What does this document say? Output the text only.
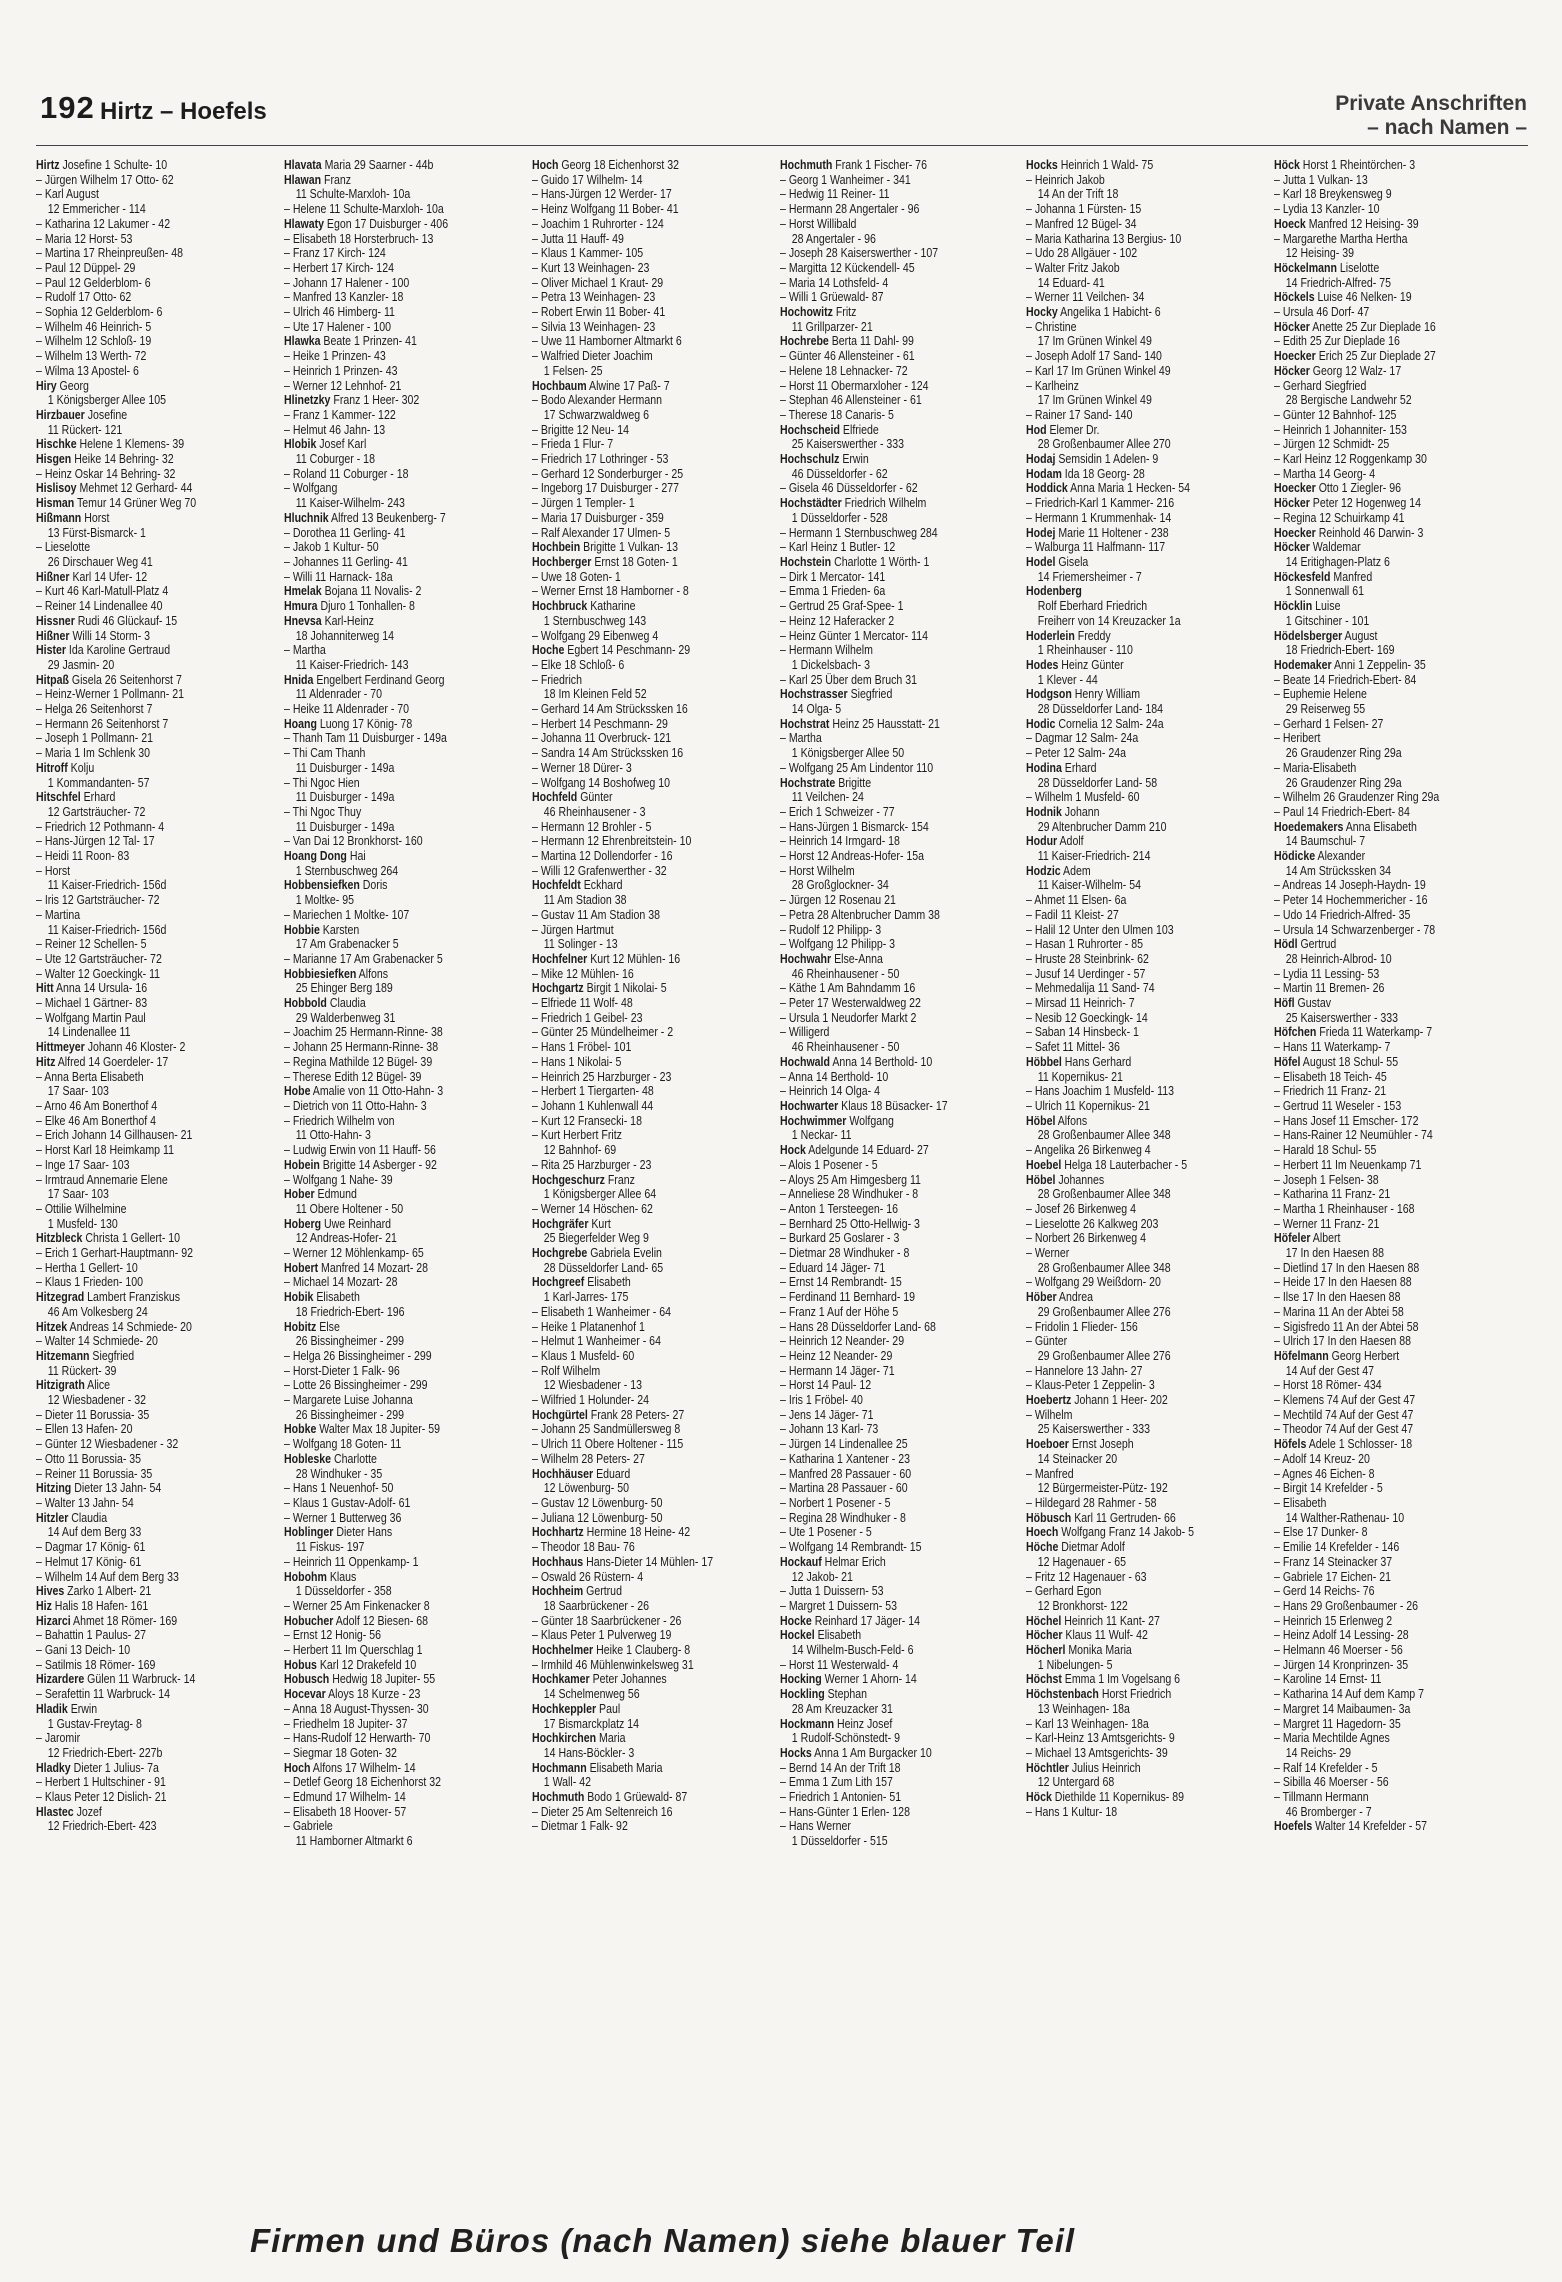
192 Hirtz – Hoefels	Private Anschriften
– nach Namen –
Hirtz Josefine 1 Schulte- 10
– Jürgen Wilhelm 17 Otto- 62
– Karl August
12 Emmericher - 114
– Katharina 12 Lakumer - 42
– Maria 12 Horst- 53
– Martina 17 Rheinpreußen- 48
– Paul 12 Düppel- 29
– Paul 12 Gelderblom- 6
– Rudolf 17 Otto- 62
– Sophia 12 Gelderblom- 6
– Wilhelm 46 Heinrich- 5
– Wilhelm 12 Schloß- 19
– Wilhelm 13 Werth- 72
– Wilma 13 Apostel- 6
Hiry Georg
1 Königsberger Allee 105
Hirzbauer Josefine
11 Rückert- 121
Hischke Helene 1 Klemens- 39
Hisgen Heike 14 Behring- 32
– Heinz Oskar 14 Behring- 32
Hislisoy Mehmet 12 Gerhard- 44
Hisman Temur 14 Grüner Weg 70
Hißmann Horst
13 Fürst-Bismarck- 1
– Lieselotte
26 Dirschauer Weg 41
Hißner Karl 14 Ufer- 12
– Kurt 46 Karl-Matull-Platz 4
– Reiner 14 Lindenallee 40
Hissner Rudi 46 Glückauf- 15
Hißner Willi 14 Storm- 3
Hister Ida Karoline Gertraud
29 Jasmin- 20
Hitpaß Gisela 26 Seitenhorst 7
– Heinz-Werner 1 Pollmann- 21
– Helga 26 Seitenhorst 7
– Hermann 26 Seitenhorst 7
– Joseph 1 Pollmann- 21
– Maria 1 Im Schlenk 30
Hitroff Kolju
1 Kommandanten- 57
Hitschfel Erhard
12 Gartsträucher- 72
– Friedrich 12 Pothmann- 4
– Hans-Jürgen 12 Tal- 17
– Heidi 11 Roon- 83
– Horst
11 Kaiser-Friedrich- 156d
– Iris 12 Gartsträucher- 72
– Martina
11 Kaiser-Friedrich- 156d
– Reiner 12 Schellen- 5
– Ute 12 Gartsträucher- 72
– Walter 12 Goeckingk- 11
Hitt Anna 14 Ursula- 16
– Michael 1 Gärtner- 83
– Wolfgang Martin Paul
14 Lindenallee 11
Hittmeyer Johann 46 Kloster- 2
Hitz Alfred 14 Goerdeler- 17
– Anna Berta Elisabeth
17 Saar- 103
– Arno 46 Am Bonerthof 4
– Elke 46 Am Bonerthof 4
– Erich Johann 14 Gillhausen- 21
– Horst Karl 18 Heimkamp 11
– Inge 17 Saar- 103
– Irmtraud Annemarie Elene
17 Saar- 103
– Ottilie Wilhelmine
1 Musfeld- 130
Hitzbleck Christa 1 Gellert- 10
– Erich 1 Gerhart-Hauptmann- 92
– Hertha 1 Gellert- 10
– Klaus 1 Frieden- 100
Hitzegrad Lambert Franziskus
46 Am Volkesberg 24
Hitzek Andreas 14 Schmiede- 20
– Walter 14 Schmiede- 20
Hitzemann Siegfried
11 Rückert- 39
Hitzigrath Alice
12 Wiesbadener - 32
– Dieter 11 Borussia- 35
– Ellen 13 Hafen- 20
– Günter 12 Wiesbadener - 32
– Otto 11 Borussia- 35
– Reiner 11 Borussia- 35
Hitzing Dieter 13 Jahn- 54
– Walter 13 Jahn- 54
Hitzler Claudia
14 Auf dem Berg 33
– Dagmar 17 König- 61
– Helmut 17 König- 61
– Wilhelm 14 Auf dem Berg 33
Hives Zarko 1 Albert- 21
Hiz Halis 18 Hafen- 161
Hizarci Ahmet 18 Römer- 169
– Bahattin 1 Paulus- 27
– Gani 13 Deich- 10
– Satilmis 18 Römer- 169
Hizardere Gülen 11 Warbruck- 14
– Serafettin 11 Warbruck- 14
Hladik Erwin
1 Gustav-Freytag- 8
– Jaromir
12 Friedrich-Ebert- 227b
Hladky Dieter 1 Julius- 7a
– Herbert 1 Hultschiner - 91
– Klaus Peter 12 Dislich- 21
Hlastec Jozef
12 Friedrich-Ebert- 423
Hlavata Maria 29 Saarner - 44b
Hlawan Franz
11 Schulte-Marxloh- 10a
– Helene 11 Schulte-Marxloh- 10a
Hlawaty Egon 17 Duisburger - 406
– Elisabeth 18 Horsterbruch- 13
– Franz 17 Kirch- 124
– Herbert 17 Kirch- 124
– Johann 17 Halener - 100
– Manfred 13 Kanzler- 18
– Ulrich 46 Himberg- 11
– Ute 17 Halener - 100
Hlawka Beate 1 Prinzen- 41
– Heike 1 Prinzen- 43
– Heinrich 1 Prinzen- 43
– Werner 12 Lehnhof- 21
Hlinetzky Franz 1 Heer- 302
– Franz 1 Kammer- 122
– Helmut 46 Jahn- 13
Hlobik Josef Karl
11 Coburger - 18
– Roland 11 Coburger - 18
– Wolfgang
11 Kaiser-Wilhelm- 243
Hluchnik Alfred 13 Beukenberg- 7
– Dorothea 11 Gerling- 41
– Jakob 1 Kultur- 50
– Johannes 11 Gerling- 41
– Willi 11 Harnack- 18a
Hmelak Bojana 11 Novalis- 2
Hmura Djuro 1 Tonhallen- 8
Hnevsa Karl-Heinz
18 Johanniterweg 14
– Martha
11 Kaiser-Friedrich- 143
Hnida Engelbert Ferdinand Georg
11 Aldenrader - 70
– Heike 11 Aldenrader - 70
Hoang Luong 17 König- 78
– Thanh Tam 11 Duisburger - 149a
– Thi Cam Thanh
11 Duisburger - 149a
– Thi Ngoc Hien
11 Duisburger - 149a
– Thi Ngoc Thuy
11 Duisburger - 149a
– Van Dai 12 Bronkhorst- 160
Hoang Dong Hai
1 Sternbuschweg 264
Hobbensiefken Doris
1 Moltke- 95
– Mariechen 1 Moltke- 107
Hobbie Karsten
17 Am Grabenacker 5
– Marianne 17 Am Grabenacker 5
Hobbiesiefken Alfons
25 Ehinger Berg 189
Hobbold Claudia
29 Walderbenweg 31
– Joachim 25 Hermann-Rinne- 38
– Johann 25 Hermann-Rinne- 38
– Regina Mathilde 12 Bügel- 39
– Therese Edith 12 Bügel- 39
Hobe Amalie von 11 Otto-Hahn- 3
– Dietrich von 11 Otto-Hahn- 3
– Friedrich Wilhelm von
11 Otto-Hahn- 3
– Ludwig Erwin von 11 Hauff- 56
Hobein Brigitte 14 Asberger - 92
– Wolfgang 1 Nahe- 39
Hober Edmund
11 Obere Holtener - 50
Hoberg Uwe Reinhard
12 Andreas-Hofer- 21
– Werner 12 Möhlenkamp- 65
Hobert Manfred 14 Mozart- 28
– Michael 14 Mozart- 28
Hobik Elisabeth
18 Friedrich-Ebert- 196
Hobitz Else
26 Bissingheimer - 299
– Helga 26 Bissingheimer - 299
– Horst-Dieter 1 Falk- 96
– Lotte 26 Bissingheimer - 299
– Margarete Luise Johanna
26 Bissingheimer - 299
Hobke Walter Max 18 Jupiter- 59
– Wolfgang 18 Goten- 11
Hobleske Charlotte
28 Windhuker - 35
– Hans 1 Neuenhof- 50
– Klaus 1 Gustav-Adolf- 61
– Werner 1 Butterweg 36
Hoblinger Dieter Hans
11 Fiskus- 197
– Heinrich 11 Oppenkamp- 1
Hobohm Klaus
1 Düsseldorfer - 358
– Werner 25 Am Finkenacker 8
Hobucher Adolf 12 Biesen- 68
– Ernst 12 Honig- 56
– Herbert 11 Im Querschlag 1
Hobus Karl 12 Drakefeld 10
Hobusch Hedwig 18 Jupiter- 55
Hocevar Aloys 18 Kurze - 23
– Anna 18 August-Thyssen- 30
– Friedhelm 18 Jupiter- 37
– Hans-Rudolf 12 Herwarth- 70
– Siegmar 18 Goten- 32
Hoch Alfons 17 Wilhelm- 14
– Detlef Georg 18 Eichenhorst 32
– Edmund 17 Wilhelm- 14
– Elisabeth 18 Hoover- 57
– Gabriele
11 Hamborner Altmarkt 6
Hoch Georg 18 Eichenhorst 32
– Guido 17 Wilhelm- 14
– Hans-Jürgen 12 Werder- 17
– Heinz Wolfgang 11 Bober- 41
– Joachim 1 Ruhrorter - 124
– Jutta 11 Hauff- 49
– Klaus 1 Kammer- 105
– Kurt 13 Weinhagen- 23
– Oliver Michael 1 Kraut- 29
– Petra 13 Weinhagen- 23
– Robert Erwin 11 Bober- 41
– Silvia 13 Weinhagen- 23
– Uwe 11 Hamborner Altmarkt 6
– Walfried Dieter Joachim
1 Felsen- 25
Hochbaum Alwine 17 Paß- 7
– Bodo Alexander Hermann
17 Schwarzwaldweg 6
– Brigitte 12 Neu- 14
– Frieda 1 Flur- 7
– Friedrich 17 Lothringer - 53
– Gerhard 12 Sonderburger - 25
– Ingeborg 17 Duisburger - 277
– Jürgen 1 Templer- 1
– Maria 17 Duisburger - 359
– Ralf Alexander 17 Ulmen- 5
Hochbein Brigitte 1 Vulkan- 13
Hochberger Ernst 18 Goten- 1
– Uwe 18 Goten- 1
– Werner Ernst 18 Hamborner - 8
Hochbruck Katharine
1 Sternbuschweg 143
– Wolfgang 29 Eibenweg 4
Hoche Egbert 14 Peschmann- 29
– Elke 18 Schloß- 6
– Friedrich
18 Im Kleinen Feld 52
– Gerhard 14 Am Strückssken 16
– Herbert 14 Peschmann- 29
– Johanna 11 Overbruck- 121
– Sandra 14 Am Strückssken 16
– Werner 18 Dürer- 3
– Wolfgang 14 Boshofweg 10
Hochfeld Günter
46 Rheinhausener - 3
– Hermann 12 Brohler - 5
– Hermann 12 Ehrenbreitstein- 10
– Martina 12 Dollendorfer - 16
– Willi 12 Grafenwerther - 32
Hochfeldt Eckhard
11 Am Stadion 38
– Gustav 11 Am Stadion 38
– Jürgen Hartmut
11 Solinger - 13
Hochfelner Kurt 12 Mühlen- 16
– Mike 12 Mühlen- 16
Hochgartz Birgit 1 Nikolai- 5
– Elfriede 11 Wolf- 48
– Friedrich 1 Geibel- 23
– Günter 25 Mündelheimer - 2
– Hans 1 Fröbel- 101
– Hans 1 Nikolai- 5
– Heinrich 25 Harzburger - 23
– Herbert 1 Tiergarten- 48
– Johann 1 Kuhlenwall 44
– Kurt 12 Fransecki- 18
– Kurt Herbert Fritz
12 Bahnhof- 69
– Rita 25 Harzburger - 23
Hochgeschurz Franz
1 Königsberger Allee 64
– Werner 14 Höschen- 62
Hochgräfer Kurt
25 Biegerfelder Weg 9
Hochgrebe Gabriela Evelin
28 Düsseldorfer Land- 65
Hochgreef Elisabeth
1 Karl-Jarres- 175
– Elisabeth 1 Wanheimer - 64
– Heike 1 Platanenhof 1
– Helmut 1 Wanheimer - 64
– Klaus 1 Musfeld- 60
– Rolf Wilhelm
12 Wiesbadener - 13
– Wilfried 1 Holunder- 24
Hochgürtel Frank 28 Peters- 27
– Johann 25 Sandmüllersweg 8
– Ulrich 11 Obere Holtener - 115
– Wilhelm 28 Peters- 27
Hochhäuser Eduard
12 Löwenburg- 50
– Gustav 12 Löwenburg- 50
– Juliana 12 Löwenburg- 50
Hochhartz Hermine 18 Heine- 42
– Theodor 18 Bau- 76
Hochhaus Hans-Dieter 14 Mühlen- 17
– Oswald 26 Rüstern- 4
Hochheim Gertrud
18 Saarbrückener - 26
– Günter 18 Saarbrückener - 26
– Klaus Peter 1 Pulverweg 19
Hochhelmer Heike 1 Clauberg- 8
– Irmhild 46 Mühlenwinkelsweg 31
Hochkamer Peter Johannes
14 Schelmenweg 56
Hochkeppler Paul
17 Bismarckplatz 14
Hochkirchen Maria
14 Hans-Böckler- 3
Hochmann Elisabeth Maria
1 Wall- 42
Hochmuth Bodo 1 Grüewald- 87
– Dieter 25 Am Seltenreich 16
– Dietmar 1 Falk- 92
Hochmuth Frank 1 Fischer- 76
– Georg 1 Wanheimer - 341
– Hedwig 11 Reiner- 11
– Hermann 28 Angertaler - 96
– Horst Willibald
28 Angertaler - 96
– Joseph 28 Kaiserswerther - 107
– Margitta 12 Kückendell- 45
– Maria 14 Lothsfeld- 4
– Willi 1 Grüewald- 87
Hochowitz Fritz
11 Grillparzer- 21
Hochrebe Berta 11 Dahl- 99
– Günter 46 Allensteiner - 61
– Helene 18 Lehnacker- 72
– Horst 11 Obermarxloher - 124
– Stephan 46 Allensteiner - 61
– Therese 18 Canaris- 5
Hochscheid Elfriede
25 Kaiserswerther - 333
Hochschulz Erwin
46 Düsseldorfer - 62
– Gisela 46 Düsseldorfer - 62
Hochstädter Friedrich Wilhelm
1 Düsseldorfer - 528
– Hermann 1 Sternbuschweg 284
– Karl Heinz 1 Butler- 12
Hochstein Charlotte 1 Wörth- 1
– Dirk 1 Mercator- 141
– Emma 1 Frieden- 6a
– Gertrud 25 Graf-Spee- 1
– Heinz 12 Haferacker 2
– Heinz Günter 1 Mercator- 114
– Hermann Wilhelm
1 Dickelsbach- 3
– Karl 25 Über dem Bruch 31
Hochstrasser Siegfried
14 Olga- 5
Hochstrat Heinz 25 Hausstatt- 21
– Martha
1 Königsberger Allee 50
– Wolfgang 25 Am Lindentor 110
Hochstrate Brigitte
11 Veilchen- 24
– Erich 1 Schweizer - 77
– Hans-Jürgen 1 Bismarck- 154
– Heinrich 14 Irmgard- 18
– Horst 12 Andreas-Hofer- 15a
– Horst Wilhelm
28 Großglockner- 34
– Jürgen 12 Rosenau 21
– Petra 28 Altenbrucher Damm 38
– Rudolf 12 Philipp- 3
– Wolfgang 12 Philipp- 3
Hochwahr Else-Anna
46 Rheinhausener - 50
– Käthe 1 Am Bahndamm 16
– Peter 17 Westerwaldweg 22
– Ursula 1 Neudorfer Markt 2
– Willigerd
46 Rheinhausener - 50
Hochwald Anna 14 Berthold- 10
– Anna 14 Berthold- 10
– Heinrich 14 Olga- 4
Hochwarter Klaus 18 Büsacker- 17
Hochwimmer Wolfgang
1 Neckar- 11
Hock Adelgunde 14 Eduard- 27
– Alois 1 Posener - 5
– Aloys 25 Am Himgesberg 11
– Anneliese 28 Windhuker - 8
– Anton 1 Tersteegen- 16
– Bernhard 25 Otto-Hellwig- 3
– Burkard 25 Goslarer - 3
– Dietmar 28 Windhuker - 8
– Eduard 14 Jäger- 71
– Ernst 14 Rembrandt- 15
– Ferdinand 11 Bernhard- 19
– Franz 1 Auf der Höhe 5
– Hans 28 Düsseldorfer Land- 68
– Heinrich 12 Neander- 29
– Heinz 12 Neander- 29
– Hermann 14 Jäger- 71
– Horst 14 Paul- 12
– Iris 1 Fröbel- 40
– Jens 14 Jäger- 71
– Johann 13 Karl- 73
– Jürgen 14 Lindenallee 25
– Katharina 1 Xantener - 23
– Manfred 28 Passauer - 60
– Martina 28 Passauer - 60
– Norbert 1 Posener - 5
– Regina 28 Windhuker - 8
– Ute 1 Posener - 5
– Wolfgang 14 Rembrandt- 15
Hockauf Helmar Erich
12 Jakob- 21
– Jutta 1 Duissern- 53
– Margret 1 Duissern- 53
Hocke Reinhard 17 Jäger- 14
Hockel Elisabeth
14 Wilhelm-Busch-Feld- 6
– Horst 11 Westerwald- 4
Hocking Werner 1 Ahorn- 14
Hockling Stephan
28 Am Kreuzacker 31
Hockmann Heinz Josef
1 Rudolf-Schönstedt- 9
Hocks Anna 1 Am Burgacker 10
– Bernd 14 An der Trift 18
– Emma 1 Zum Lith 157
– Friedrich 1 Antonien- 51
– Hans-Günter 1 Erlen- 128
– Hans Werner
1 Düsseldorfer - 515
Hocks Heinrich 1 Wald- 75
– Heinrich Jakob
14 An der Trift 18
– Johanna 1 Fürsten- 15
– Manfred 12 Bügel- 34
– Maria Katharina 13 Bergius- 10
– Udo 28 Allgäuer - 102
– Walter Fritz Jakob
14 Eduard- 41
– Werner 11 Veilchen- 34
Hocky Angelika 1 Habicht- 6
– Christine
17 Im Grünen Winkel 49
– Joseph Adolf 17 Sand- 140
– Karl 17 Im Grünen Winkel 49
– Karlheinz
17 Im Grünen Winkel 49
– Rainer 17 Sand- 140
Hod Elemer Dr.
28 Großenbaumer Allee 270
Hodaj Semsidin 1 Adelen- 9
Hodam Ida 18 Georg- 28
Hoddick Anna Maria 1 Hecken- 54
– Friedrich-Karl 1 Kammer- 216
– Hermann 1 Krummenhak- 14
Hodej Marie 11 Holtener - 238
– Walburga 11 Halfmann- 117
Hodel Gisela
14 Friemersheimer - 7
Hodenberg
Rolf Eberhard Friedrich
Freiherr von 14 Kreuzacker 1a
Hoderlein Freddy
1 Rheinhauser - 110
Hodes Heinz Günter
1 Klever - 44
Hodgson Henry William
28 Düsseldorfer Land- 184
Hodic Cornelia 12 Salm- 24a
– Dagmar 12 Salm- 24a
– Peter 12 Salm- 24a
Hodina Erhard
28 Düsseldorfer Land- 58
– Wilhelm 1 Musfeld- 60
Hodnik Johann
29 Altenbrucher Damm 210
Hodur Adolf
11 Kaiser-Friedrich- 214
Hodzic Adem
11 Kaiser-Wilhelm- 54
– Ahmet 11 Elsen- 6a
– Fadil 11 Kleist- 27
– Halil 12 Unter den Ulmen 103
– Hasan 1 Ruhrorter - 85
– Hruste 28 Steinbrink- 62
– Jusuf 14 Uerdinger - 57
– Mehmedalija 11 Sand- 74
– Mirsad 11 Heinrich- 7
– Nesib 12 Goeckingk- 14
– Saban 14 Hinsbeck- 1
– Safet 11 Mittel- 36
Höbbel Hans Gerhard
11 Kopernikus- 21
– Hans Joachim 1 Musfeld- 113
– Ulrich 11 Kopernikus- 21
Höbel Alfons
28 Großenbaumer Allee 348
– Angelika 26 Birkenweg 4
Hoebel Helga 18 Lauterbacher - 5
Höbel Johannes
28 Großenbaumer Allee 348
– Josef 26 Birkenweg 4
– Lieselotte 26 Kalkweg 203
– Norbert 26 Birkenweg 4
– Werner
28 Großenbaumer Allee 348
– Wolfgang 29 Weißdorn- 20
Höber Andrea
29 Großenbaumer Allee 276
– Fridolin 1 Flieder- 156
– Günter
29 Großenbaumer Allee 276
– Hannelore 13 Jahn- 27
– Klaus-Peter 1 Zeppelin- 3
Hoebertz Johann 1 Heer- 202
– Wilhelm
25 Kaiserswerther - 333
Hoeboer Ernst Joseph
14 Steinacker 20
– Manfred
12 Bürgermeister-Pütz- 192
– Hildegard 28 Rahmer - 58
Höbusch Karl 11 Gertruden- 66
Hoech Wolfgang Franz 14 Jakob- 5
Höche Dietmar Adolf
12 Hagenauer - 65
– Fritz 12 Hagenauer - 63
– Gerhard Egon
12 Bronkhorst- 122
Höchel Heinrich 11 Kant- 27
Höcher Klaus 11 Wulf- 42
Höcherl Monika Maria
1 Nibelungen- 5
Höchst Emma 1 Im Vogelsang 6
Höchstenbach Horst Friedrich
13 Weinhagen- 18a
– Karl 13 Weinhagen- 18a
– Karl-Heinz 13 Amtsgerichts- 9
– Michael 13 Amtsgerichts- 39
Höchtler Julius Heinrich
12 Untergard 68
Höck Diethilde 11 Kopernikus- 89
– Hans 1 Kultur- 18
Höck Horst 1 Rheintörchen- 3
– Jutta 1 Vulkan- 13
– Karl 18 Breykensweg 9
– Lydia 13 Kanzler- 10
Hoeck Manfred 12 Heising- 39
– Margarethe Martha Hertha
12 Heising- 39
Höckelmann Liselotte
14 Friedrich-Alfred- 75
Höckels Luise 46 Nelken- 19
– Ursula 46 Dorf- 47
Höcker Anette 25 Zur Dieplade 16
– Edith 25 Zur Dieplade 16
Hoecker Erich 25 Zur Dieplade 27
Höcker Georg 12 Walz- 17
– Gerhard Siegfried
28 Bergische Landwehr 52
– Günter 12 Bahnhof- 125
– Heinrich 1 Johanniter- 153
– Jürgen 12 Schmidt- 25
– Karl Heinz 12 Roggenkamp 30
– Martha 14 Georg- 4
Hoecker Otto 1 Ziegler- 96
Höcker Peter 12 Hogenweg 14
– Regina 12 Schuirkamp 41
Hoecker Reinhold 46 Darwin- 3
Höcker Waldemar
14 Eritighagen-Platz 6
Höckesfeld Manfred
1 Sonnenwall 61
Höcklin Luise
1 Gitschiner - 101
Hödelsberger August
18 Friedrich-Ebert- 169
Hodemaker Anni 1 Zeppelin- 35
– Beate 14 Friedrich-Ebert- 84
– Euphemie Helene
29 Reiserweg 55
– Gerhard 1 Felsen- 27
– Heribert
26 Graudenzer Ring 29a
– Maria-Elisabeth
26 Graudenzer Ring 29a
– Wilhelm 26 Graudenzer Ring 29a
– Paul 14 Friedrich-Ebert- 84
Hoedemakers Anna Elisabeth
14 Baumschul- 7
Hödicke Alexander
14 Am Strückssken 34
– Andreas 14 Joseph-Haydn- 19
– Peter 14 Hochemmericher - 16
– Udo 14 Friedrich-Alfred- 35
– Ursula 14 Schwarzenberger - 78
Hödl Gertrud
28 Heinrich-Albrod- 10
– Lydia 11 Lessing- 53
– Martin 11 Bremen- 26
Höfl Gustav
25 Kaiserswerther - 333
Höfchen Frieda 11 Waterkamp- 7
– Hans 11 Waterkamp- 7
Höfel August 18 Schul- 55
– Elisabeth 18 Teich- 45
– Friedrich 11 Franz- 21
– Gertrud 11 Weseler - 153
– Hans Josef 11 Emscher- 172
– Hans-Rainer 12 Neumühler - 74
– Harald 18 Schul- 55
– Herbert 11 Im Neuenkamp 71
– Joseph 1 Felsen- 38
– Katharina 11 Franz- 21
– Martha 1 Rheinhauser - 168
– Werner 11 Franz- 21
Höfeler Albert
17 In den Haesen 88
– Dietlind 17 In den Haesen 88
– Heide 17 In den Haesen 88
– Ilse 17 In den Haesen 88
– Marina 11 An der Abtei 58
– Sigisfredo 11 An der Abtei 58
– Ulrich 17 In den Haesen 88
Höfelmann Georg Herbert
14 Auf der Gest 47
– Horst 18 Römer- 434
– Klemens 74 Auf der Gest 47
– Mechtild 74 Auf der Gest 47
– Theodor 74 Auf der Gest 47
Höfels Adele 1 Schlosser- 18
– Adolf 14 Kreuz- 20
– Agnes 46 Eichen- 8
– Birgit 14 Krefelder - 5
– Elisabeth
14 Walther-Rathenau- 10
– Else 17 Dunker- 8
– Emilie 14 Krefelder - 146
– Franz 14 Steinacker 37
– Gabriele 17 Eichen- 21
– Gerd 14 Reichs- 76
– Hans 29 Großenbaumer - 26
– Heinrich 15 Erlenweg 2
– Heinz Adolf 14 Lessing- 28
– Helmann 46 Moerser - 56
– Jürgen 14 Kronprinzen- 35
– Karoline 14 Ernst- 11
– Katharina 14 Auf dem Kamp 7
– Margret 14 Maibaumen- 3a
– Margret 11 Hagedorn- 35
– Maria Mechtilde Agnes
14 Reichs- 29
– Ralf 14 Krefelder - 5
– Sibilla 46 Moerser - 56
– Tillmann Hermann
46 Bromberger - 7
Hoefels Walter 14 Krefelder - 57
Firmen und Büros (nach Namen) siehe blauer Teil
